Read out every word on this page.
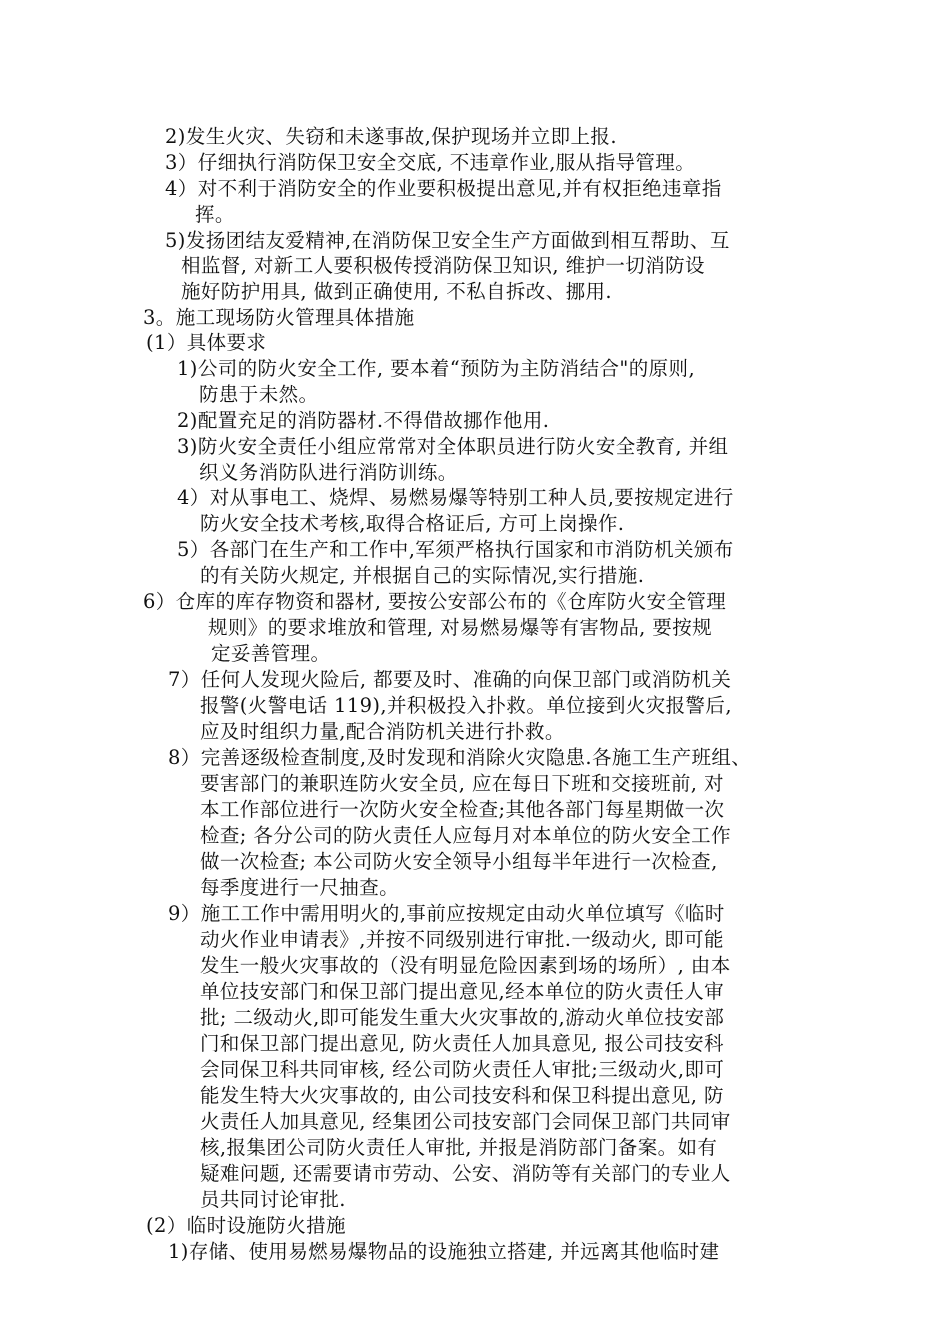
2)发生火灾、失窃和未遂事故,保护现场并立即上报.
3）仔细执行消防保卫安全交底, 不违章作业,服从指导管理。
4）对不利于消防安全的作业要积极提出意见,并有权拒绝违章指
挥。
5)发扬团结友爱精神,在消防保卫安全生产方面做到相互帮助、互
相监督, 对新工人要积极传授消防保卫知识, 维护一切消防设
施好防护用具, 做到正确使用, 不私自拆改、挪用.
3。施工现场防火管理具体措施
(1）具体要求
1)公司的防火安全工作, 要本着“预防为主防消结合"的原则,
防患于未然。
2)配置充足的消防器材.不得借故挪作他用.
3)防火安全责任小组应常常对全体职员进行防火安全教育, 并组
织义务消防队进行消防训练。
4）对从事电工、烧焊、易燃易爆等特别工种人员,要按规定进行
防火安全技术考核,取得合格证后, 方可上岗操作.
5）各部门在生产和工作中,军须严格执行国家和市消防机关颁布
的有关防火规定, 并根据自己的实际情况,实行措施.
6）仓库的库存物资和器材, 要按公安部公布的《仓库防火安全管理
规则》的要求堆放和管理, 对易燃易爆等有害物品, 要按规
定妥善管理。
7）任何人发现火险后, 都要及时、准确的向保卫部门或消防机关
报警(火警电话 119),并积极投入扑救。单位接到火灾报警后,
应及时组织力量,配合消防机关进行扑救。
8）完善逐级检查制度,及时发现和消除火灾隐患.各施工生产班组、
要害部门的兼职连防火安全员, 应在每日下班和交接班前, 对
本工作部位进行一次防火安全检查;其他各部门每星期做一次
检查; 各分公司的防火责任人应每月对本单位的防火安全工作
做一次检查; 本公司防火安全领导小组每半年进行一次检查,
每季度进行一尺抽查。
9）施工工作中需用明火的,事前应按规定由动火单位填写《临时
动火作业申请表》,并按不同级别进行审批.一级动火, 即可能
发生一般火灾事故的（没有明显危险因素到场的场所）, 由本
单位技安部门和保卫部门提出意见,经本单位的防火责任人审
批; 二级动火,即可能发生重大火灾事故的,游动火单位技安部
门和保卫部门提出意见, 防火责任人加具意见, 报公司技安科
会同保卫科共同审核, 经公司防火责任人审批;三级动火,即可
能发生特大火灾事故的, 由公司技安科和保卫科提出意见, 防
火责任人加具意见, 经集团公司技安部门会同保卫部门共同审
核,报集团公司防火责任人审批, 并报是消防部门备案。如有
疑难问题, 还需要请市劳动、公安、消防等有关部门的专业人
员共同讨论审批.
(2）临时设施防火措施
1)存储、使用易燃易爆物品的设施独立搭建, 并远离其他临时建
